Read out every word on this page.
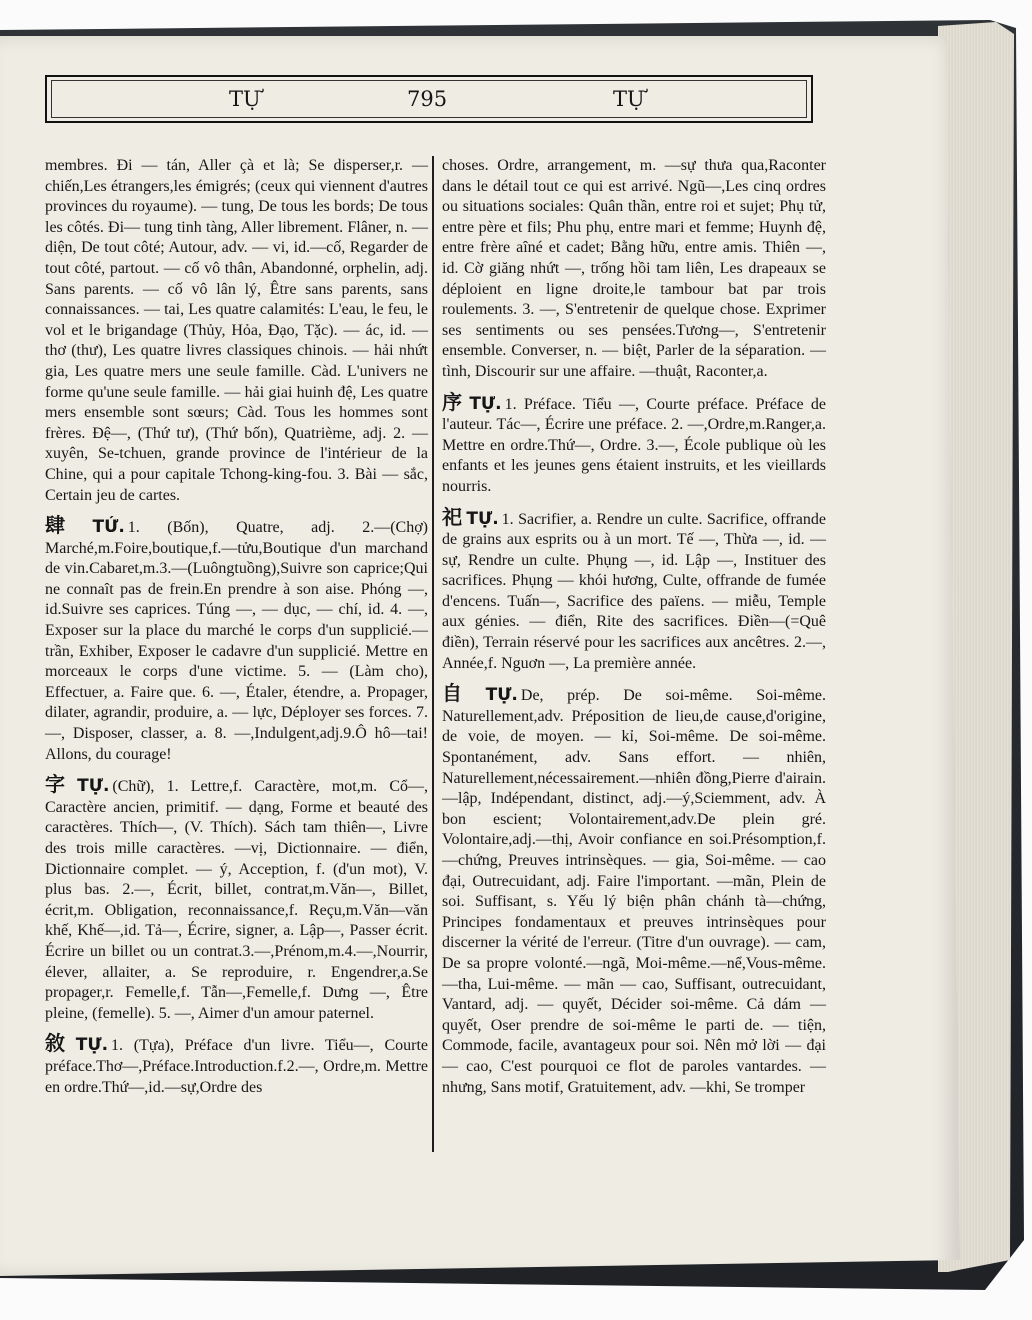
TỰ	795	TỰ

membres. Đi — tán, Aller çà et là; Se disperser,r. —chiến,Les étrangers,les émigrés; (ceux qui viennent d'autres provinces du royaume). — tung, De tous les bords; De tous les côtés. Đi— tung tinh tàng, Aller librement. Flâner, n. — diện, De tout côté; Autour, adv. — vi, id.—cố, Regarder de tout côté, partout. — cố vô thân, Abandonné, orphelin, adj. Sans parents. — cố vô lân lý, Être sans parents, sans connaissances. — tai, Les quatre calamités: L'eau, le feu, le vol et le brigandage (Thủy, Hỏa, Đạo, Tặc). — ác, id. — thơ (thư), Les quatre livres classiques chinois. — hải nhứt gia, Les quatre mers une seule famille. Càd. L'univers ne forme qu'une seule famille. — hải giai huinh đệ, Les quatre mers ensemble sont sœurs; Càd. Tous les hommes sont frères. Đệ—, (Thứ tư), (Thứ bốn), Quatrième, adj. 2. — xuyên, Se-tchuen, grande province de l'intérieur de la Chine, qui a pour capitale Tchong-king-fou. 3. Bài — sắc, Certain jeu de cartes.

肆 TỨ. 1. (Bốn), Quatre, adj. 2.—(Chợ) Marché,m.Foire,boutique,f.—tửu,Boutique d'un marchand de vin.Cabaret,m.3.—(Luôngtuồng),Suivre son caprice;Qui ne connaît pas de frein.En prendre à son aise. Phóng —, id.Suivre ses caprices. Túng —, — dục, — chí, id. 4. —, Exposer sur la place du marché le corps d'un supplicié.— trần, Exhiber, Exposer le cadavre d'un supplicié. Mettre en morceaux le corps d'une victime. 5. — (Làm cho), Effectuer, a. Faire que. 6. —, Étaler, étendre, a. Propager, dilater, agrandir, produire, a. — lực, Déployer ses forces. 7. —, Disposer, classer, a. 8. —,Indulgent,adj.9.Ô hô—tai! Allons, du courage!

字 TỰ. (Chữ), 1. Lettre,f. Caractère, mot,m. Cổ—, Caractère ancien, primitif. — dạng, Forme et beauté des caractères. Thích—, (V. Thích). Sách tam thiên—, Livre des trois mille caractères. —vị, Dictionnaire. — điển, Dictionnaire complet. — ý, Acception, f. (d'un mot), V. plus bas. 2.—, Écrit, billet, contrat,m.Văn—, Billet, écrit,m. Obligation, reconnaissance,f. Reçu,m.Văn—văn khế, Khế—,id. Tả—, Écrire, signer, a. Lập—, Passer écrit. Écrire un billet ou un contrat.3.—,Prénom,m.4.—,Nourrir, élever, allaiter, a. Se reproduire, r. Engendrer,a.Se propager,r. Femelle,f. Tẫn—,Femelle,f. Dưng —, Être pleine, (femelle). 5. —, Aimer d'un amour paternel.

敘 TỰ. 1. (Tựa), Préface d'un livre. Tiểu—, Courte préface.Thơ—,Préface.Introduction.f.2.—, Ordre,m. Mettre en ordre.Thứ—,id.—sự,Ordre des

choses. Ordre, arrangement, m. —sự thưa qua,Raconter dans le détail tout ce qui est arrivé. Ngũ—,Les cinq ordres ou situations sociales: Quân thần, entre roi et sujet; Phụ tử, entre père et fils; Phu phụ, entre mari et femme; Huynh đệ, entre frère aîné et cadet; Bằng hữu, entre amis. Thiên —, id. Cờ giăng nhứt —, trống hồi tam liên, Les drapeaux se déploient en ligne droite,le tambour bat par trois roulements. 3. —, S'entretenir de quelque chose. Exprimer ses sentiments ou ses pensées.Tương—, S'entretenir ensemble. Converser, n. — biệt, Parler de la séparation. —tình, Discourir sur une affaire. —thuật, Raconter,a.

序 TỰ. 1. Préface. Tiểu —, Courte préface. Préface de l'auteur. Tác—, Écrire une préface. 2. —,Ordre,m.Ranger,a. Mettre en ordre.Thứ—, Ordre. 3.—, École publique où les enfants et les jeunes gens étaient instruits, et les vieillards nourris.

祀 TỰ. 1. Sacrifier, a. Rendre un culte. Sacrifice, offrande de grains aux esprits ou à un mort. Tế —, Thừa —, id. — sự, Rendre un culte. Phụng —, id. Lập —, Instituer des sacrifices. Phụng — khói hương, Culte, offrande de fumée d'encens. Tuấn—, Sacrifice des païens. — miễu, Temple aux génies. — điển, Rite des sacrifices. Điền—(=Quê điền), Terrain réservé pour les sacrifices aux ancêtres. 2.—, Année,f. Nguơn —, La première année.

自 TỰ. De, prép. De soi-même. Soi-même. Naturellement,adv. Préposition de lieu,de cause,d'origine, de voie, de moyen. — kỉ, Soi-même. De soi-même. Spontanément, adv. Sans effort. — nhiên, Naturellement,nécessairement.—nhiên đồng,Pierre d'airain.—lập, Indépendant, distinct, adj.—ý,Sciemment, adv. À bon escient; Volontairement,adv.De plein gré. Volontaire,adj.—thị, Avoir confiance en soi.Présomption,f.—chứng, Preuves intrinsèques. — gia, Soi-même. — cao đại, Outrecuidant, adj. Faire l'important. —mãn, Plein de soi. Suffisant, s. Yếu lý biện phân chánh tà—chứng, Principes fondamentaux et preuves intrinsèques pour discerner la vérité de l'erreur. (Titre d'un ouvrage). — cam, De sa propre volonté.—ngã, Moi-même.—nể,Vous-même. —tha, Lui-même. — mãn — cao, Suffisant, outrecuidant, Vantard, adj. — quyết, Décider soi-même. Cả dám — quyết, Oser prendre de soi-même le parti de. — tiện, Commode, facile, avantageux pour soi. Nên mở lời — đại — cao, C'est pourquoi ce flot de paroles vantardes. — nhưng, Sans motif, Gratuitement, adv. —khi, Se tromper
